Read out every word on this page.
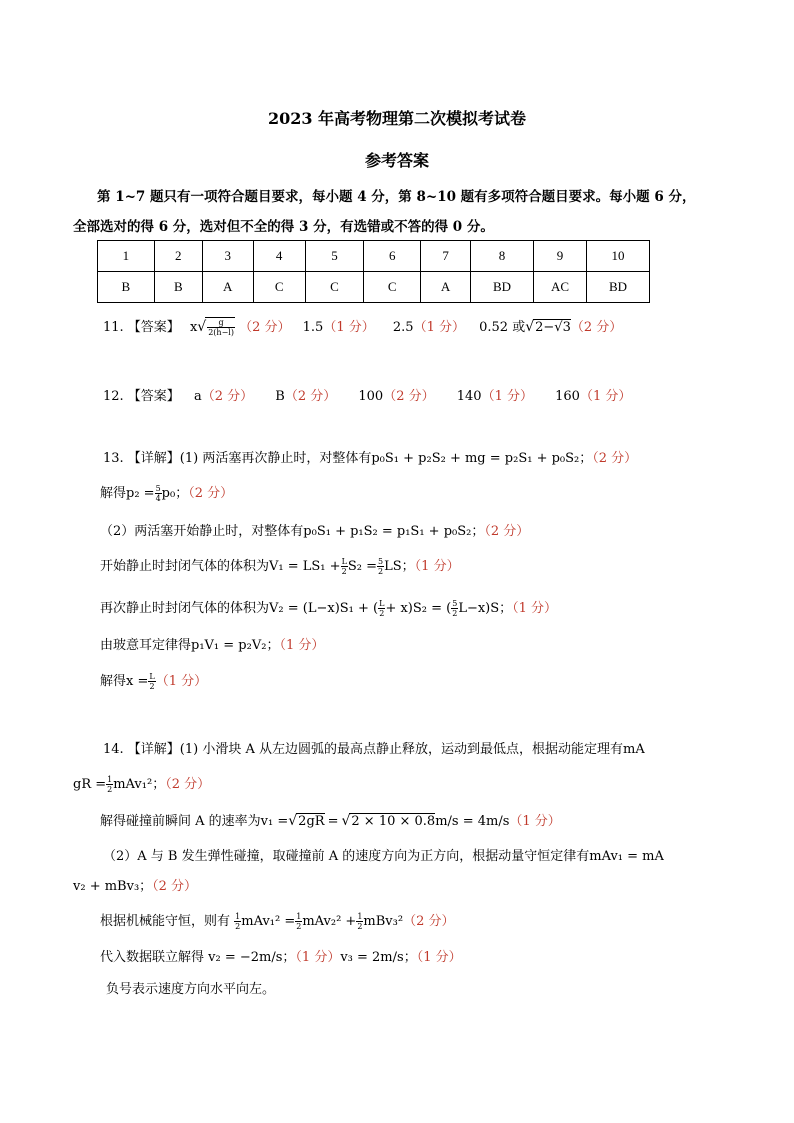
2023 年高考物理第二次模拟考试卷
参考答案
第 1~7 题只有一项符合题目要求，每小题 4 分，第 8~10 题有多项符合题目要求。每小题 6 分，
全部选对的得 6 分，选对但不全的得 3 分，有选错或不答的得 0 分。
1	2	3	4	5	6	7	8	9	10
B	B	A	C	C	C	A	BD	AC	BD
11. 【答案】 $x√ \frac{g}{2(h-l)} (2$ 分） 1.5（1 分） 2.5（1 分） 0.52 或√2−√3（2 分）
12. 【答案】 a（2 分） B（2 分） 100（2 分） 140（1 分） 160（1 分）
13. 【详解】(1) 两活塞再次静止时，对整体有p₀S₁ + p₂S₂ + mg = p₂S₁ + p₀S₂；（2 分）
解得$p_2 = \frac{5}{4} p_0$；（2 分）
（2）两活塞开始静止时，对整体有p₀S₁ + p₁S₂ = p₁S₁ + p₀S₂；（2 分）
开始静止时封闭气体的体积为$V_1 = LS_1 + \frac{L}{2} S_2 = \frac{5}{2}$ LS；（1 分）
再次静止时封闭气体的体积为V₂ = (L−x)S₁ + ( $\frac{L}{2} + x)S_2$ = ( $\frac{5}{2} L-x)S$；（1 分）
由玻意耳定律得p₁V₁ = p₂V₂；（1 分）
解得$x = \frac{L}{2} (1$ 分）
14. 【详解】(1) 小滑块 A 从左边圆弧的最高点静止释放，运动到最低点，根据动能定理有mA
gR = $\frac{1}{2} mAv_1^2$；（2 分）
解得碰撞前瞬间 A 的速率为v₁ =√2gR = √2 × 10 × 0.8m/s = 4m/s（1 分）
（2）A 与 B 发生弹性碰撞，取碰撞前 A 的速度方向为正方向，根据动量守恒定律有mAv₁ = mA
v₂ + mBv₃；（2 分）
根据机械能守恒，则有 $\frac{1}{2} mAv_1^2 = \frac{1}{2} mAv_2^2 + \frac{1}{2} mBv_3^2(2$ 分）
代入数据联立解得 v₂ = −2m/s；（1 分）v₃ = 2m/s；（1 分）
负号表示速度方向水平向左。
